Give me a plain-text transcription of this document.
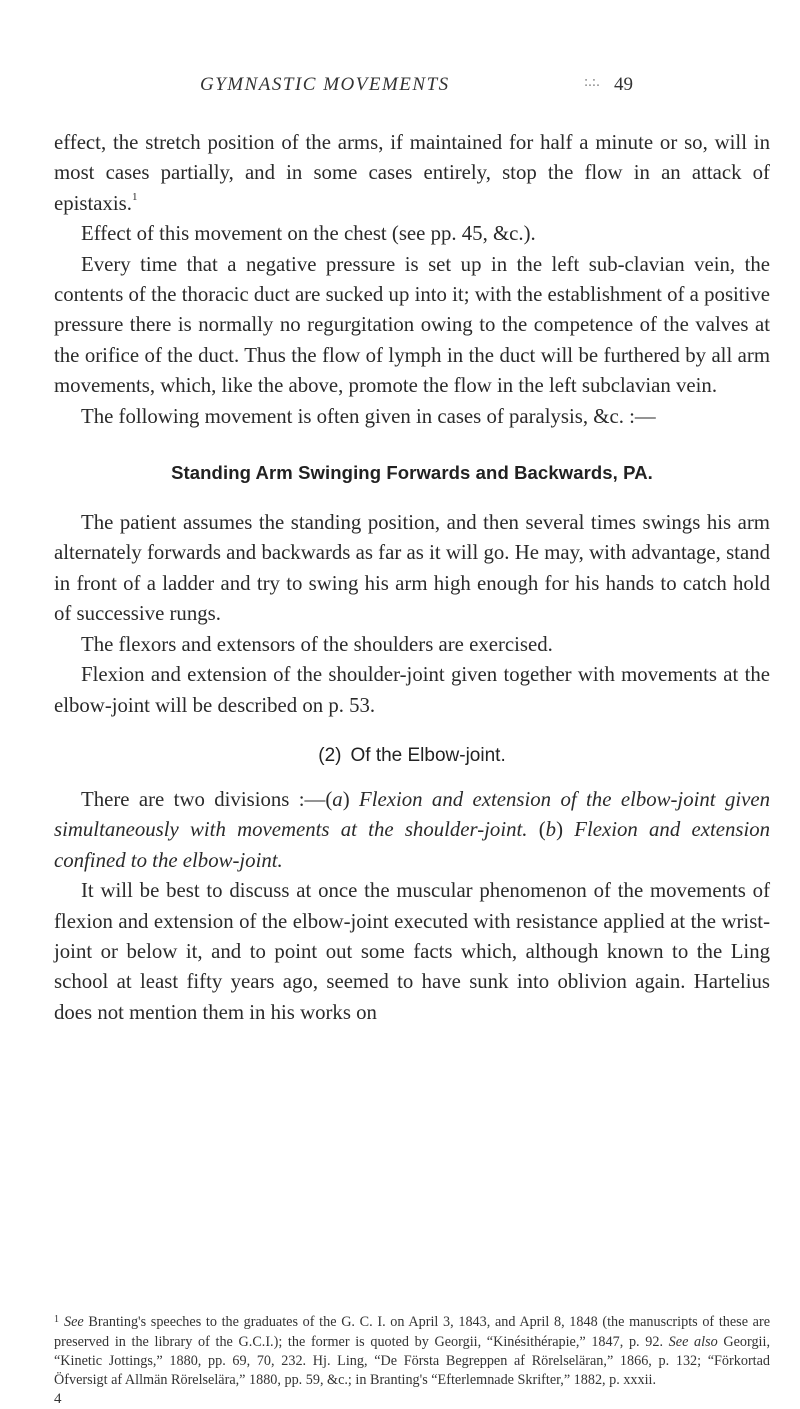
GYMNASTIC MOVEMENTS	:.:. 49

effect, the stretch position of the arms, if maintained for half a minute or so, will in most cases partially, and in some cases entirely, stop the flow in an attack of epistaxis.$^1$

Effect of this movement on the chest (see pp. 45, &c.).

Every time that a negative pressure is set up in the left sub-clavian vein, the contents of the thoracic duct are sucked up into it; with the establishment of a positive pressure there is normally no regurgitation owing to the competence of the valves at the orifice of the duct. Thus the flow of lymph in the duct will be furthered by all arm movements, which, like the above, promote the flow in the left subclavian vein.

The following movement is often given in cases of paralysis, &c. :—

Standing Arm Swinging Forwards and Backwards, PA.

The patient assumes the standing position, and then several times swings his arm alternately forwards and backwards as far as it will go. He may, with advantage, stand in front of a ladder and try to swing his arm high enough for his hands to catch hold of successive rungs.

The flexors and extensors of the shoulders are exercised.

Flexion and extension of the shoulder-joint given together with movements at the elbow-joint will be described on p. 53.

(2) Of the Elbow-joint.

There are two divisions :—(a) Flexion and extension of the elbow-joint given simultaneously with movements at the shoulder-joint. (b) Flexion and extension confined to the elbow-joint.

It will be best to discuss at once the muscular phenomenon of the movements of flexion and extension of the elbow-joint executed with resistance applied at the wrist-joint or below it, and to point out some facts which, although known to the Ling school at least fifty years ago, seemed to have sunk into oblivion again. Hartelius does not mention them in his works on

$^1$ See Branting's speeches to the graduates of the G. C. I. on April 3, 1843, and April 8, 1848 (the manuscripts of these are preserved in the library of the G.C.I.); the former is quoted by Georgii, “Kinésithérapie,” 1847, p. 92. See also Georgii, “Kinetic Jottings,” 1880, pp. 69, 70, 232. Hj. Ling, “De Första Begreppen af Rörelseläran,” 1866, p. 132; “Förkortad Öfversigt af Allmän Rörelselära,” 1880, pp. 59, &c.; in Branting's “Efterlemnade Skrifter,” 1882, p. xxxii.
4
